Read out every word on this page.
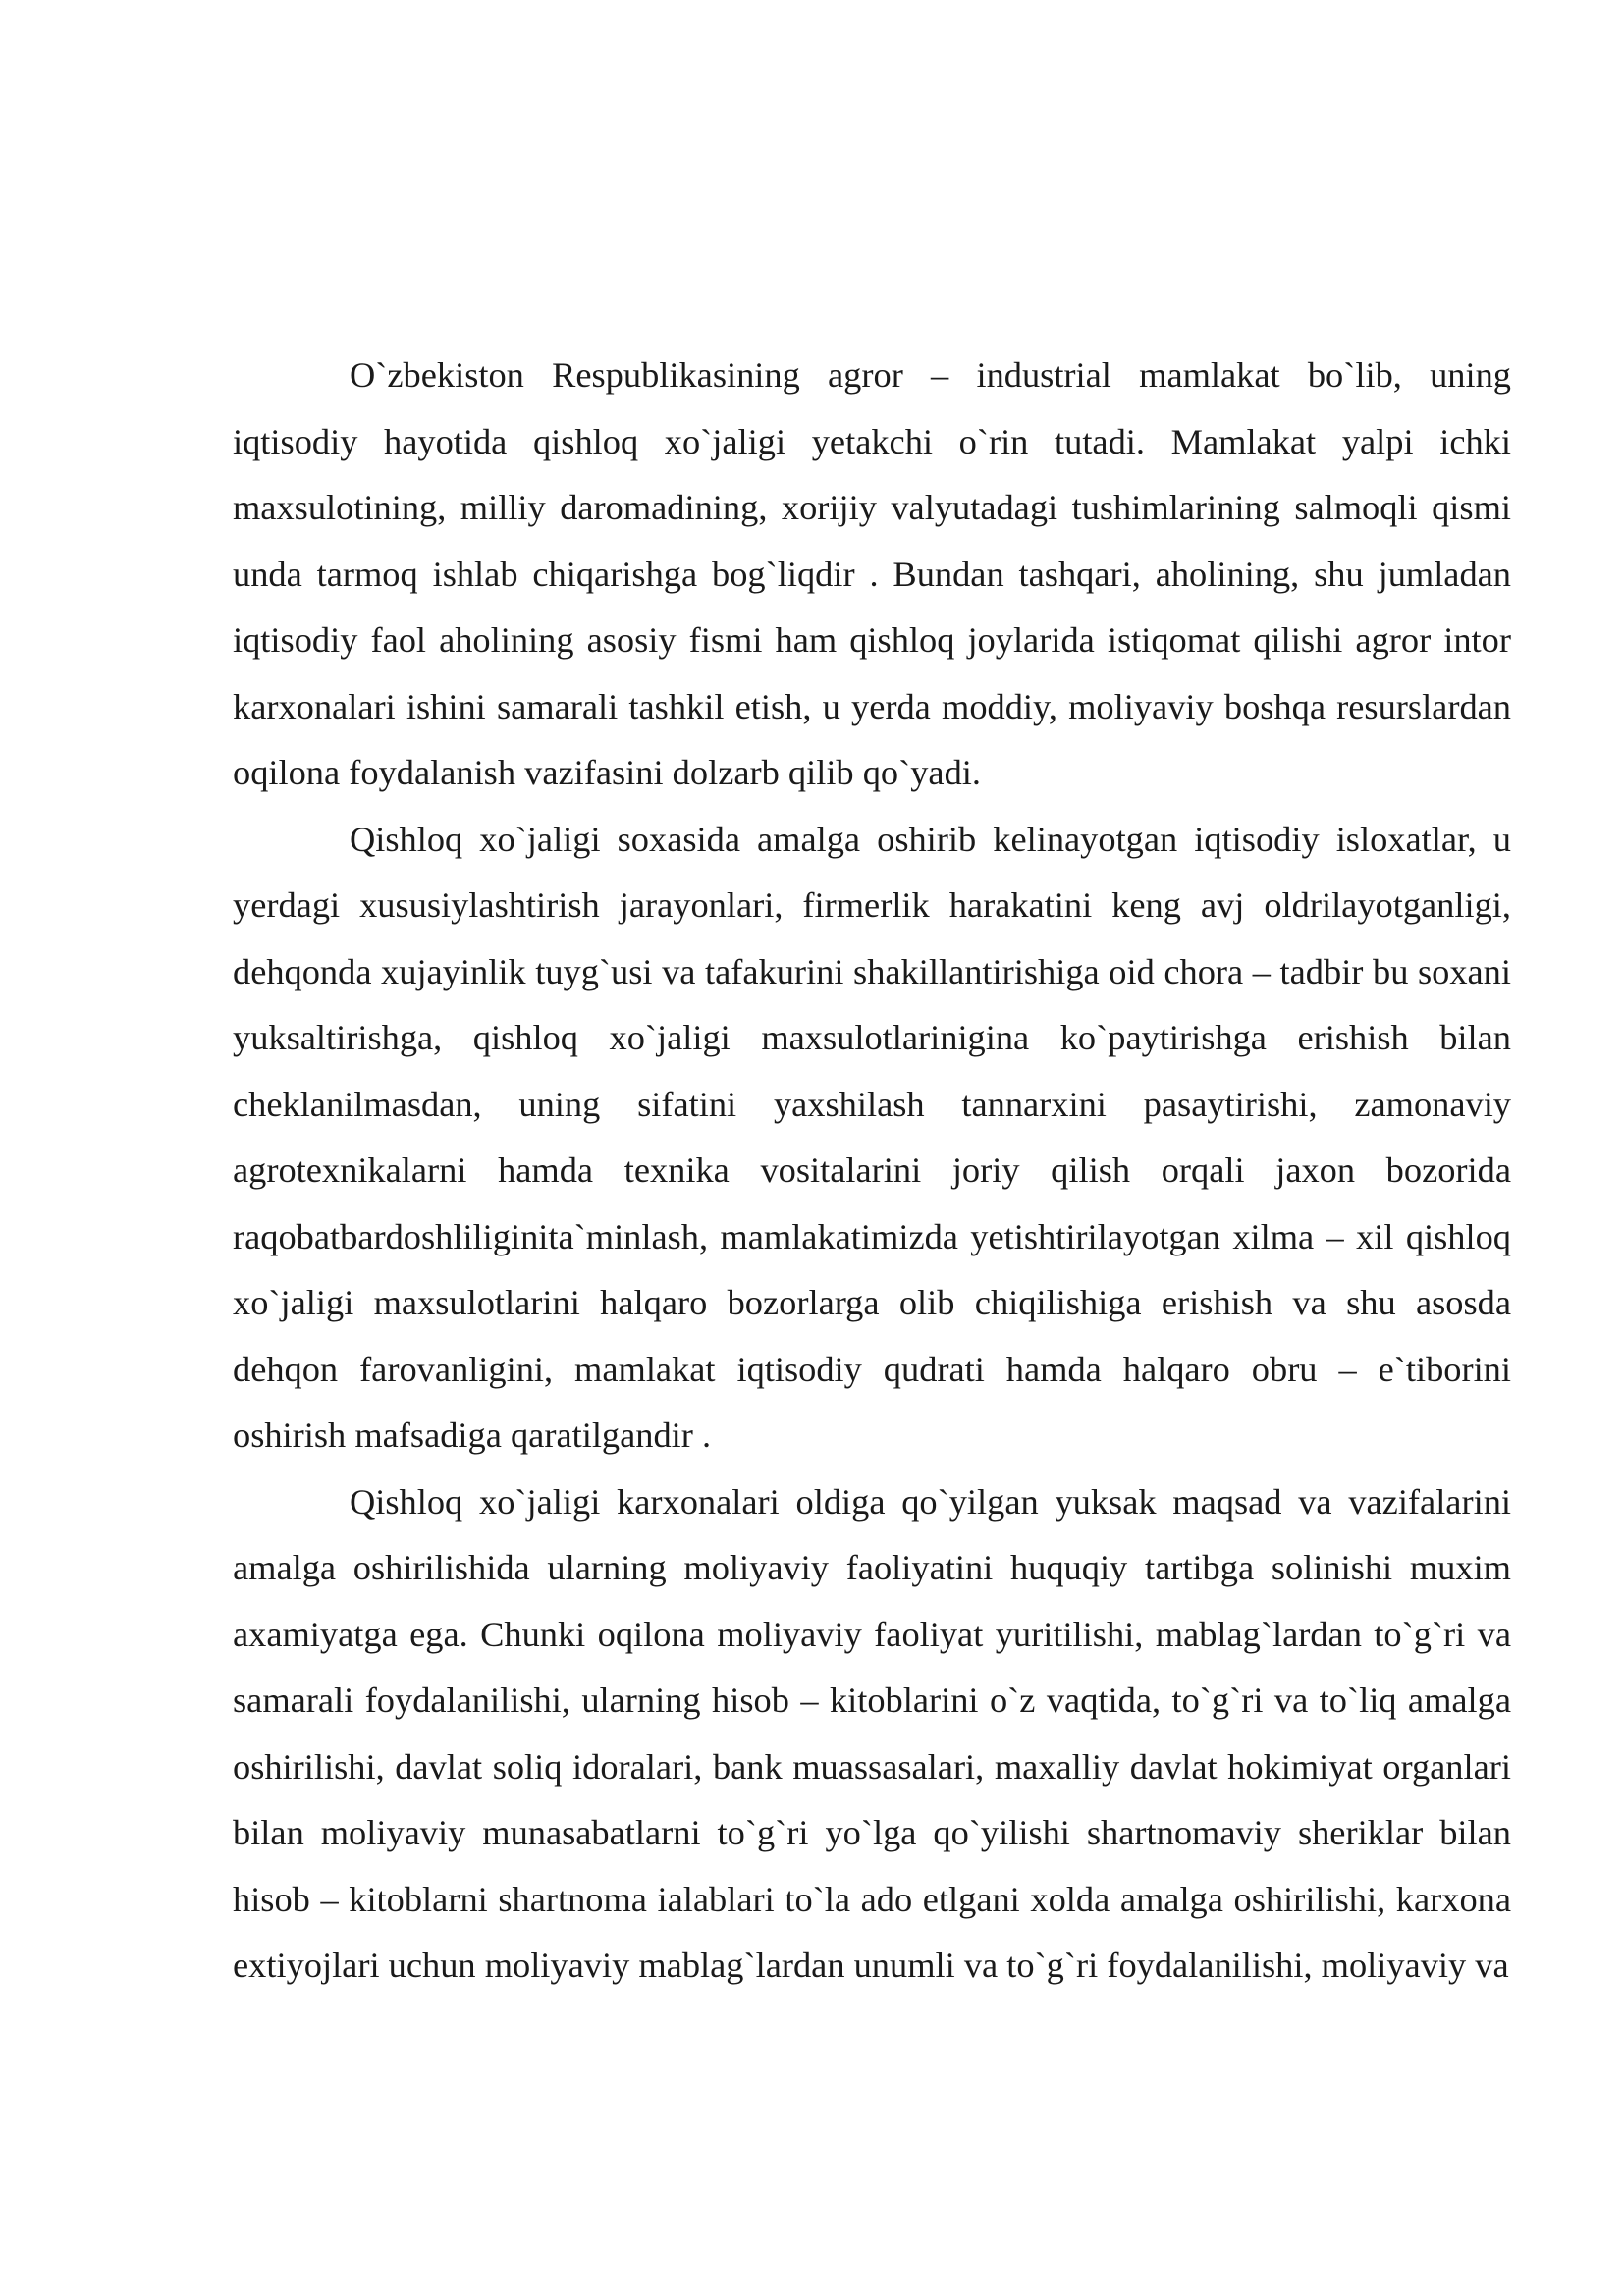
O`zbekiston Respublikasining agror – industrial mamlakat bo`lib, uning iqtisodiy hayotida qishloq xo`jaligi yetakchi o`rin tutadi. Mamlakat yalpi ichki maxsulotining, milliy daromadining, xorijiy valyutadagi tushimlarining salmoqli qismi unda tarmoq ishlab chiqarishga bog`liqdir . Bundan tashqari, aholining, shu jumladan iqtisodiy faol aholining asosiy fismi ham qishloq joylarida istiqomat qilishi agror intor karxonalari ishini samarali tashkil etish, u yerda moddiy, moliyaviy boshqa resurslardan oqilona foydalanish vazifasini dolzarb qilib qo`yadi.

Qishloq xo`jaligi soxasida amalga oshirib kelinayotgan iqtisodiy isloxatlar, u yerdagi xususiylashtirish jarayonlari, firmerlik harakatini keng avj oldrilayotganligi, dehqonda xujayinlik tuyg`usi va tafakurini shakillantirishiga oid chora – tadbir bu soxani yuksaltirishga, qishloq xo`jaligi maxsulotlarinigina ko`paytirishga erishish bilan cheklanilmasdan, uning sifatini yaxshilash tannarxini pasaytirishi, zamonaviy agrotexnikalarni hamda texnika vositalarini joriy qilish orqali jaxon bozorida raqobatbardoshliliginita`minlash, mamlakatimizda yetishtirilayotgan xilma – xil qishloq xo`jaligi maxsulotlarini halqaro bozorlarga olib chiqilishiga erishish va shu asosda dehqon farovanligini, mamlakat iqtisodiy qudrati hamda halqaro obru – e`tiborini oshirish mafsadiga qaratilgandir .

Qishloq xo`jaligi karxonalari oldiga qo`yilgan yuksak maqsad va vazifalarini amalga oshirilishida ularning moliyaviy faoliyatini huquqiy tartibga solinishi muxim axamiyatga ega. Chunki oqilona moliyaviy faoliyat yuritilishi, mablag`lardan to`g`ri va samarali foydalanilishi, ularning hisob – kitoblarini o`z vaqtida, to`g`ri va to`liq amalga oshirilishi, davlat soliq idoralari, bank muassasalari, maxalliy davlat hokimiyat organlari bilan moliyaviy munasabatlarni to`g`ri yo`lga qo`yilishi shartnomaviy sheriklar bilan hisob – kitoblarni shartnoma ialablari to`la ado etlgani xolda amalga oshirilishi, karxona extiyojlari uchun moliyaviy mablag`lardan unumli va to`g`ri foydalanilishi, moliyaviy va
